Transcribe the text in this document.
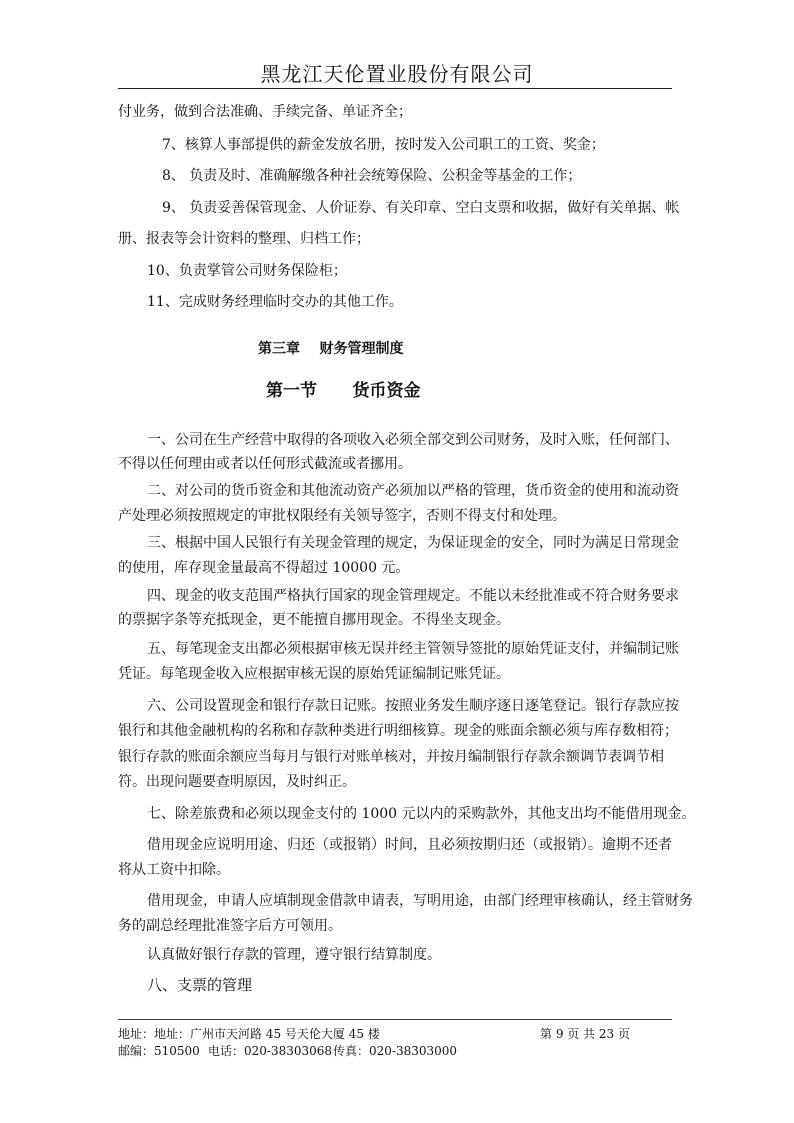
黑龙江天伦置业股份有限公司
付业务，做到合法准确、手续完备、单证齐全；
7、核算人事部提供的薪金发放名册，按时发入公司职工的工资、奖金；
8、 负责及时、准确解缴各种社会统筹保险、公积金等基金的工作；
9、 负责妥善保管现金、人价证券、有关印章、空白支票和收据，做好有关单据、帐
册、报表等会计资料的整理、归档工作；
10、负责掌管公司财务保险柜；
11、完成财务经理临时交办的其他工作。
第三章    财务管理制度
第一节      货币资金
一、公司在生产经营中取得的各项收入必须全部交到公司财务，及时入账，任何部门、
不得以任何理由或者以任何形式截流或者挪用。
二、对公司的货币资金和其他流动资产必须加以严格的管理，货币资金的使用和流动资
产处理必须按照规定的审批权限经有关领导签字，否则不得支付和处理。
三、根据中国人民银行有关现金管理的规定，为保证现金的安全，同时为满足日常现金
的使用，库存现金量最高不得超过 10000 元。
四、现金的收支范围严格执行国家的现金管理规定。不能以未经批准或不符合财务要求
的票据字条等充抵现金，更不能擅自挪用现金。不得坐支现金。
五、每笔现金支出都必须根据审核无误并经主管领导签批的原始凭证支付，并编制记账
凭证。每笔现金收入应根据审核无误的原始凭证编制记账凭证。
六、公司设置现金和银行存款日记账。按照业务发生顺序逐日逐笔登记。银行存款应按
银行和其他金融机构的名称和存款种类进行明细核算。现金的账面余额必须与库存数相符；
银行存款的账面余额应当每月与银行对账单核对，并按月编制银行存款余额调节表调节相
符。出现问题要查明原因，及时纠正。
七、除差旅费和必须以现金支付的 1000 元以内的采购款外，其他支出均不能借用现金。
借用现金应说明用途、归还（或报销）时间，且必须按期归还（或报销）。逾期不还者
将从工资中扣除。
借用现金，申请人应填制现金借款申请表，写明用途，由部门经理审核确认，经主管财务
务的副总经理批准签字后方可领用。
认真做好银行存款的管理，遵守银行结算制度。
八、支票的管理
地址：地址：广州市天河路 45 号天伦大厦 45 楼	第 9 页 共 23 页
邮编：510500 电话：020-38303068 传真：020-38303000
